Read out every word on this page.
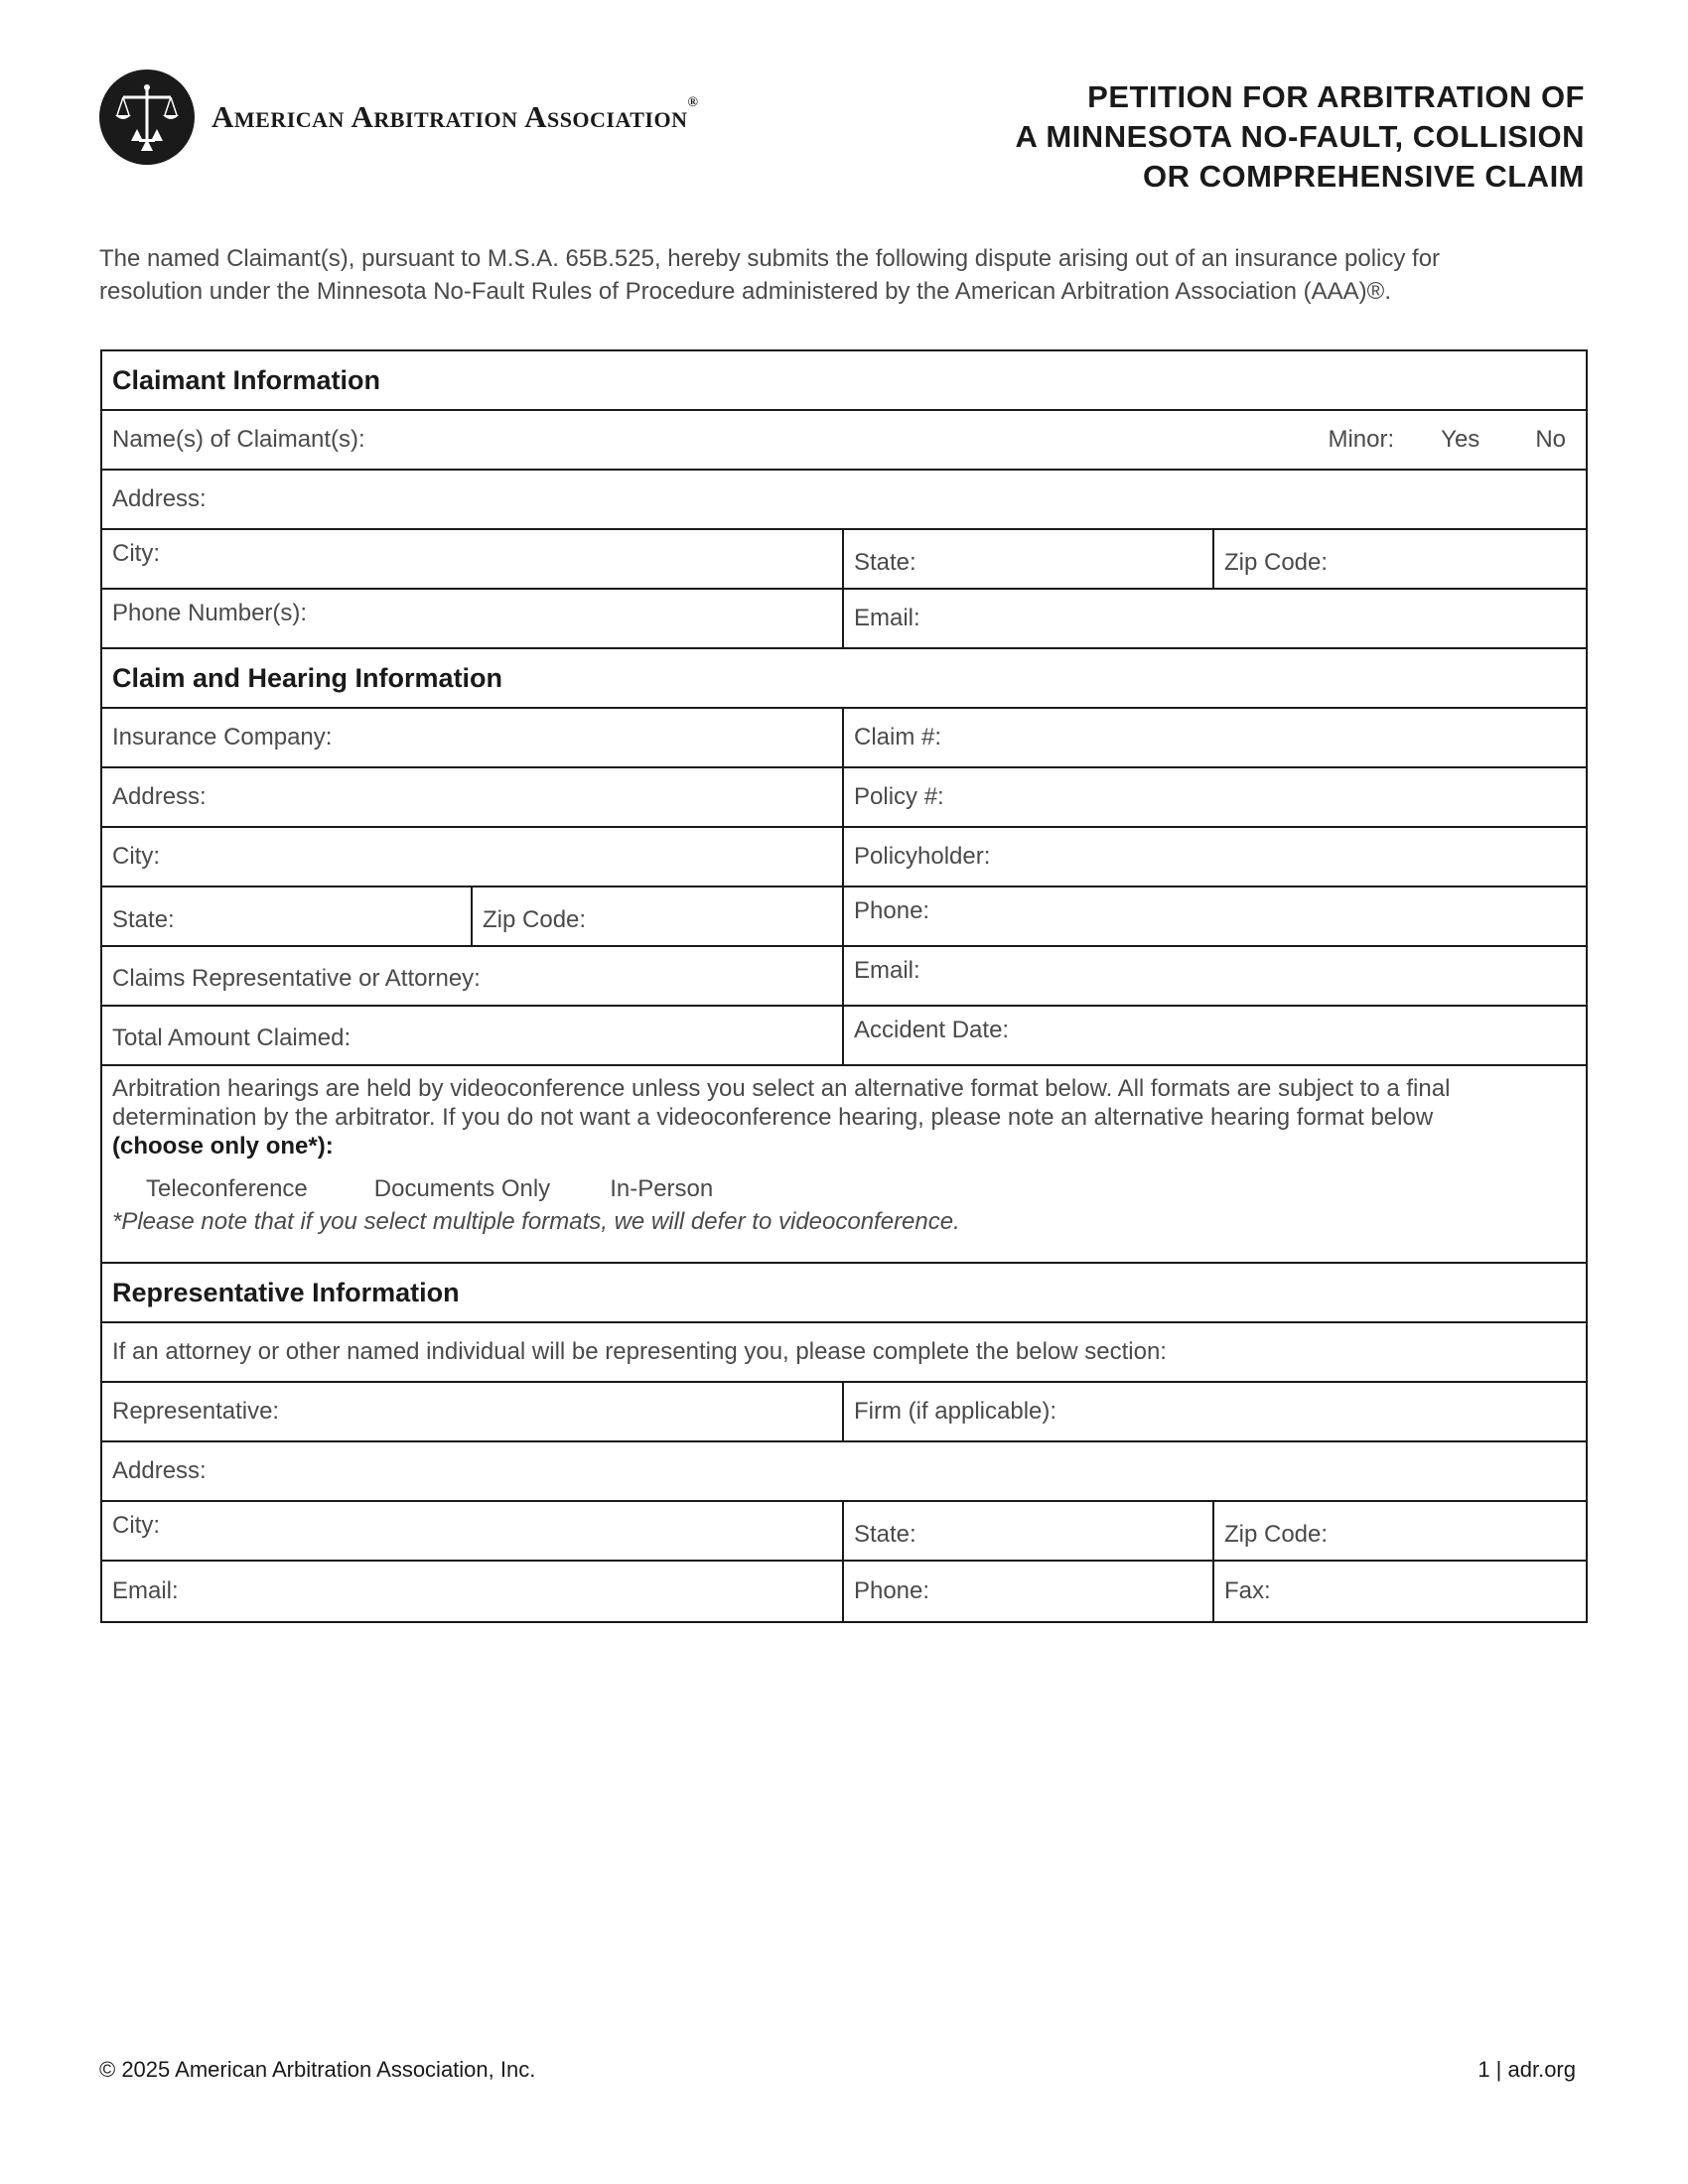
American Arbitration Association®	PETITION FOR ARBITRATION OF
A MINNESOTA NO-FAULT, COLLISION
OR COMPREHENSIVE CLAIM
The named Claimant(s), pursuant to M.S.A. 65B.525, hereby submits the following dispute arising out of an insurance policy for
resolution under the Minnesota No-Fault Rules of Procedure administered by the American Arbitration Association (AAA)®.
Claimant Information
Name(s) of Claimant(s):	Minor: Yes No
Address:
City:	State:	Zip Code:
Phone Number(s):	Email:
Claim and Hearing Information
Insurance Company:	Claim #:
Address:	Policy #:
City:	Policyholder:
State:	Zip Code:	Phone:
Claims Representative or Attorney:	Email:
Total Amount Claimed:	Accident Date:
Arbitration hearings are held by videoconference unless you select an alternative format below. All formats are subject to a final
determination by the arbitrator. If you do not want a videoconference hearing, please note an alternative hearing format below
(choose only one*):
Teleconference	Documents Only	In-Person
*Please note that if you select multiple formats, we will defer to videoconference.
Representative Information
If an attorney or other named individual will be representing you, please complete the below section:
Representative:	Firm (if applicable):
Address:
City:	State:	Zip Code:
Email:	Phone:	Fax:
© 2025 American Arbitration Association, Inc.	1 | adr.org
